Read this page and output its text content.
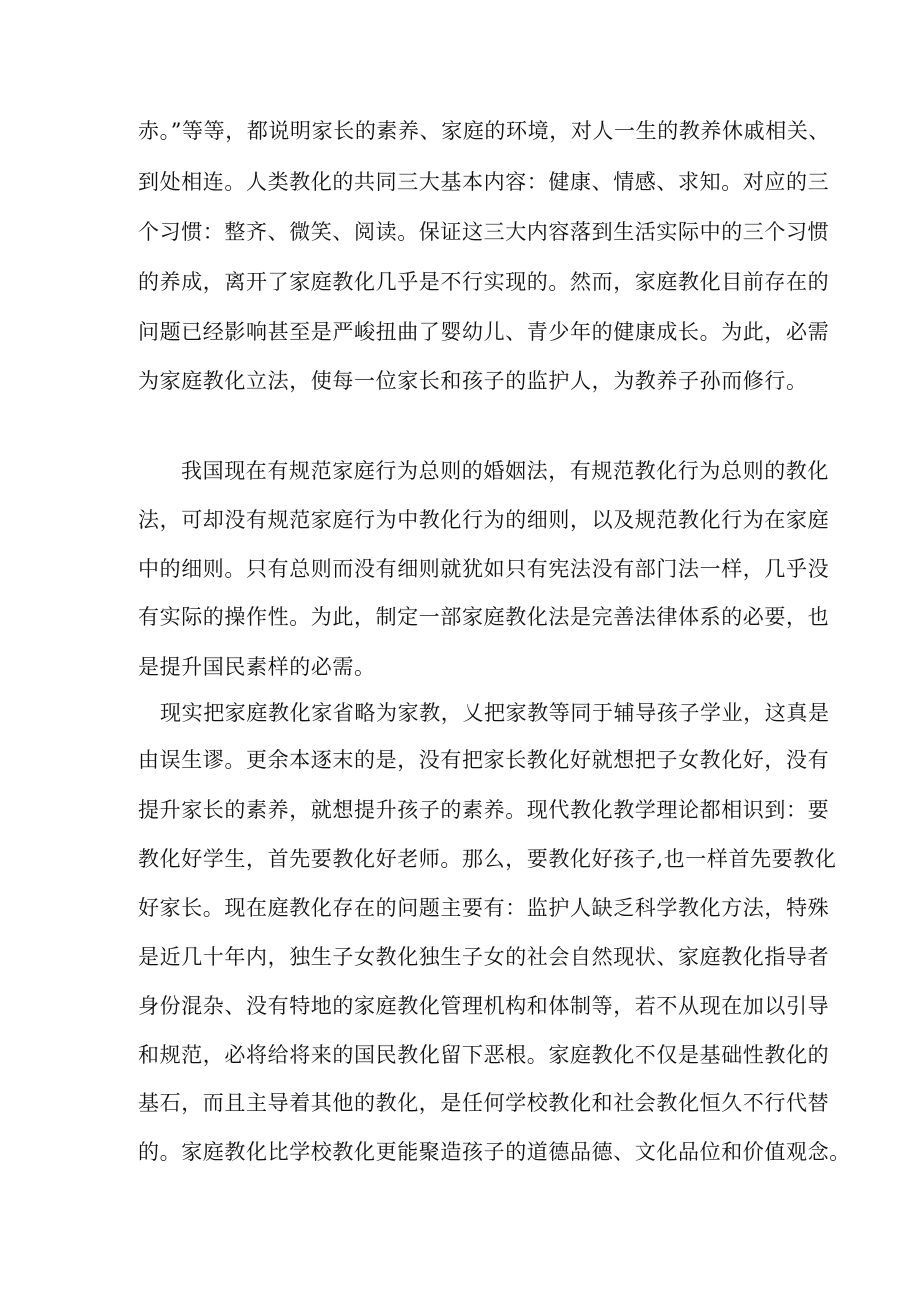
赤。”等等，都说明家长的素养、家庭的环境，对人一生的教养休戚相关、
到处相连。人类教化的共同三大基本内容：健康、情感、求知。对应的三
个习惯：整齐、微笑、阅读。保证这三大内容落到生活实际中的三个习惯
的养成，离开了家庭教化几乎是不行实现的。然而，家庭教化目前存在的
问题已经影响甚至是严峻扭曲了婴幼儿、青少年的健康成长。为此，必需
为家庭教化立法，使每一位家长和孩子的监护人，为教养子孙而修行。
我国现在有规范家庭行为总则的婚姻法，有规范教化行为总则的教化
法，可却没有规范家庭行为中教化行为的细则，以及规范教化行为在家庭
中的细则。只有总则而没有细则就犹如只有宪法没有部门法一样，几乎没
有实际的操作性。为此，制定一部家庭教化法是完善法律体系的必要，也
是提升国民素样的必需。
现实把家庭教化家省略为家教，乂把家教等同于辅导孩子学业，这真是
由误生谬。更余本逐末的是，没有把家长教化好就想把子女教化好，没有
提升家长的素养，就想提升孩子的素养。现代教化教学理论都相识到：要
教化好学生，首先要教化好老师。那么，要教化好孩子,也一样首先要教化
好家长。现在庭教化存在的问题主要有：监护人缺乏科学教化方法，特殊
是近几十年内，独生子女教化独生子女的社会自然现状、家庭教化指导者
身份混杂、没有特地的家庭教化管理机构和体制等，若不从现在加以引导
和规范，必将给将来的国民教化留下恶根。家庭教化不仅是基础性教化的
基石，而且主导着其他的教化，是任何学校教化和社会教化恒久不行代替
的。家庭教化比学校教化更能聚造孩子的道德品德、文化品位和价值观念。
